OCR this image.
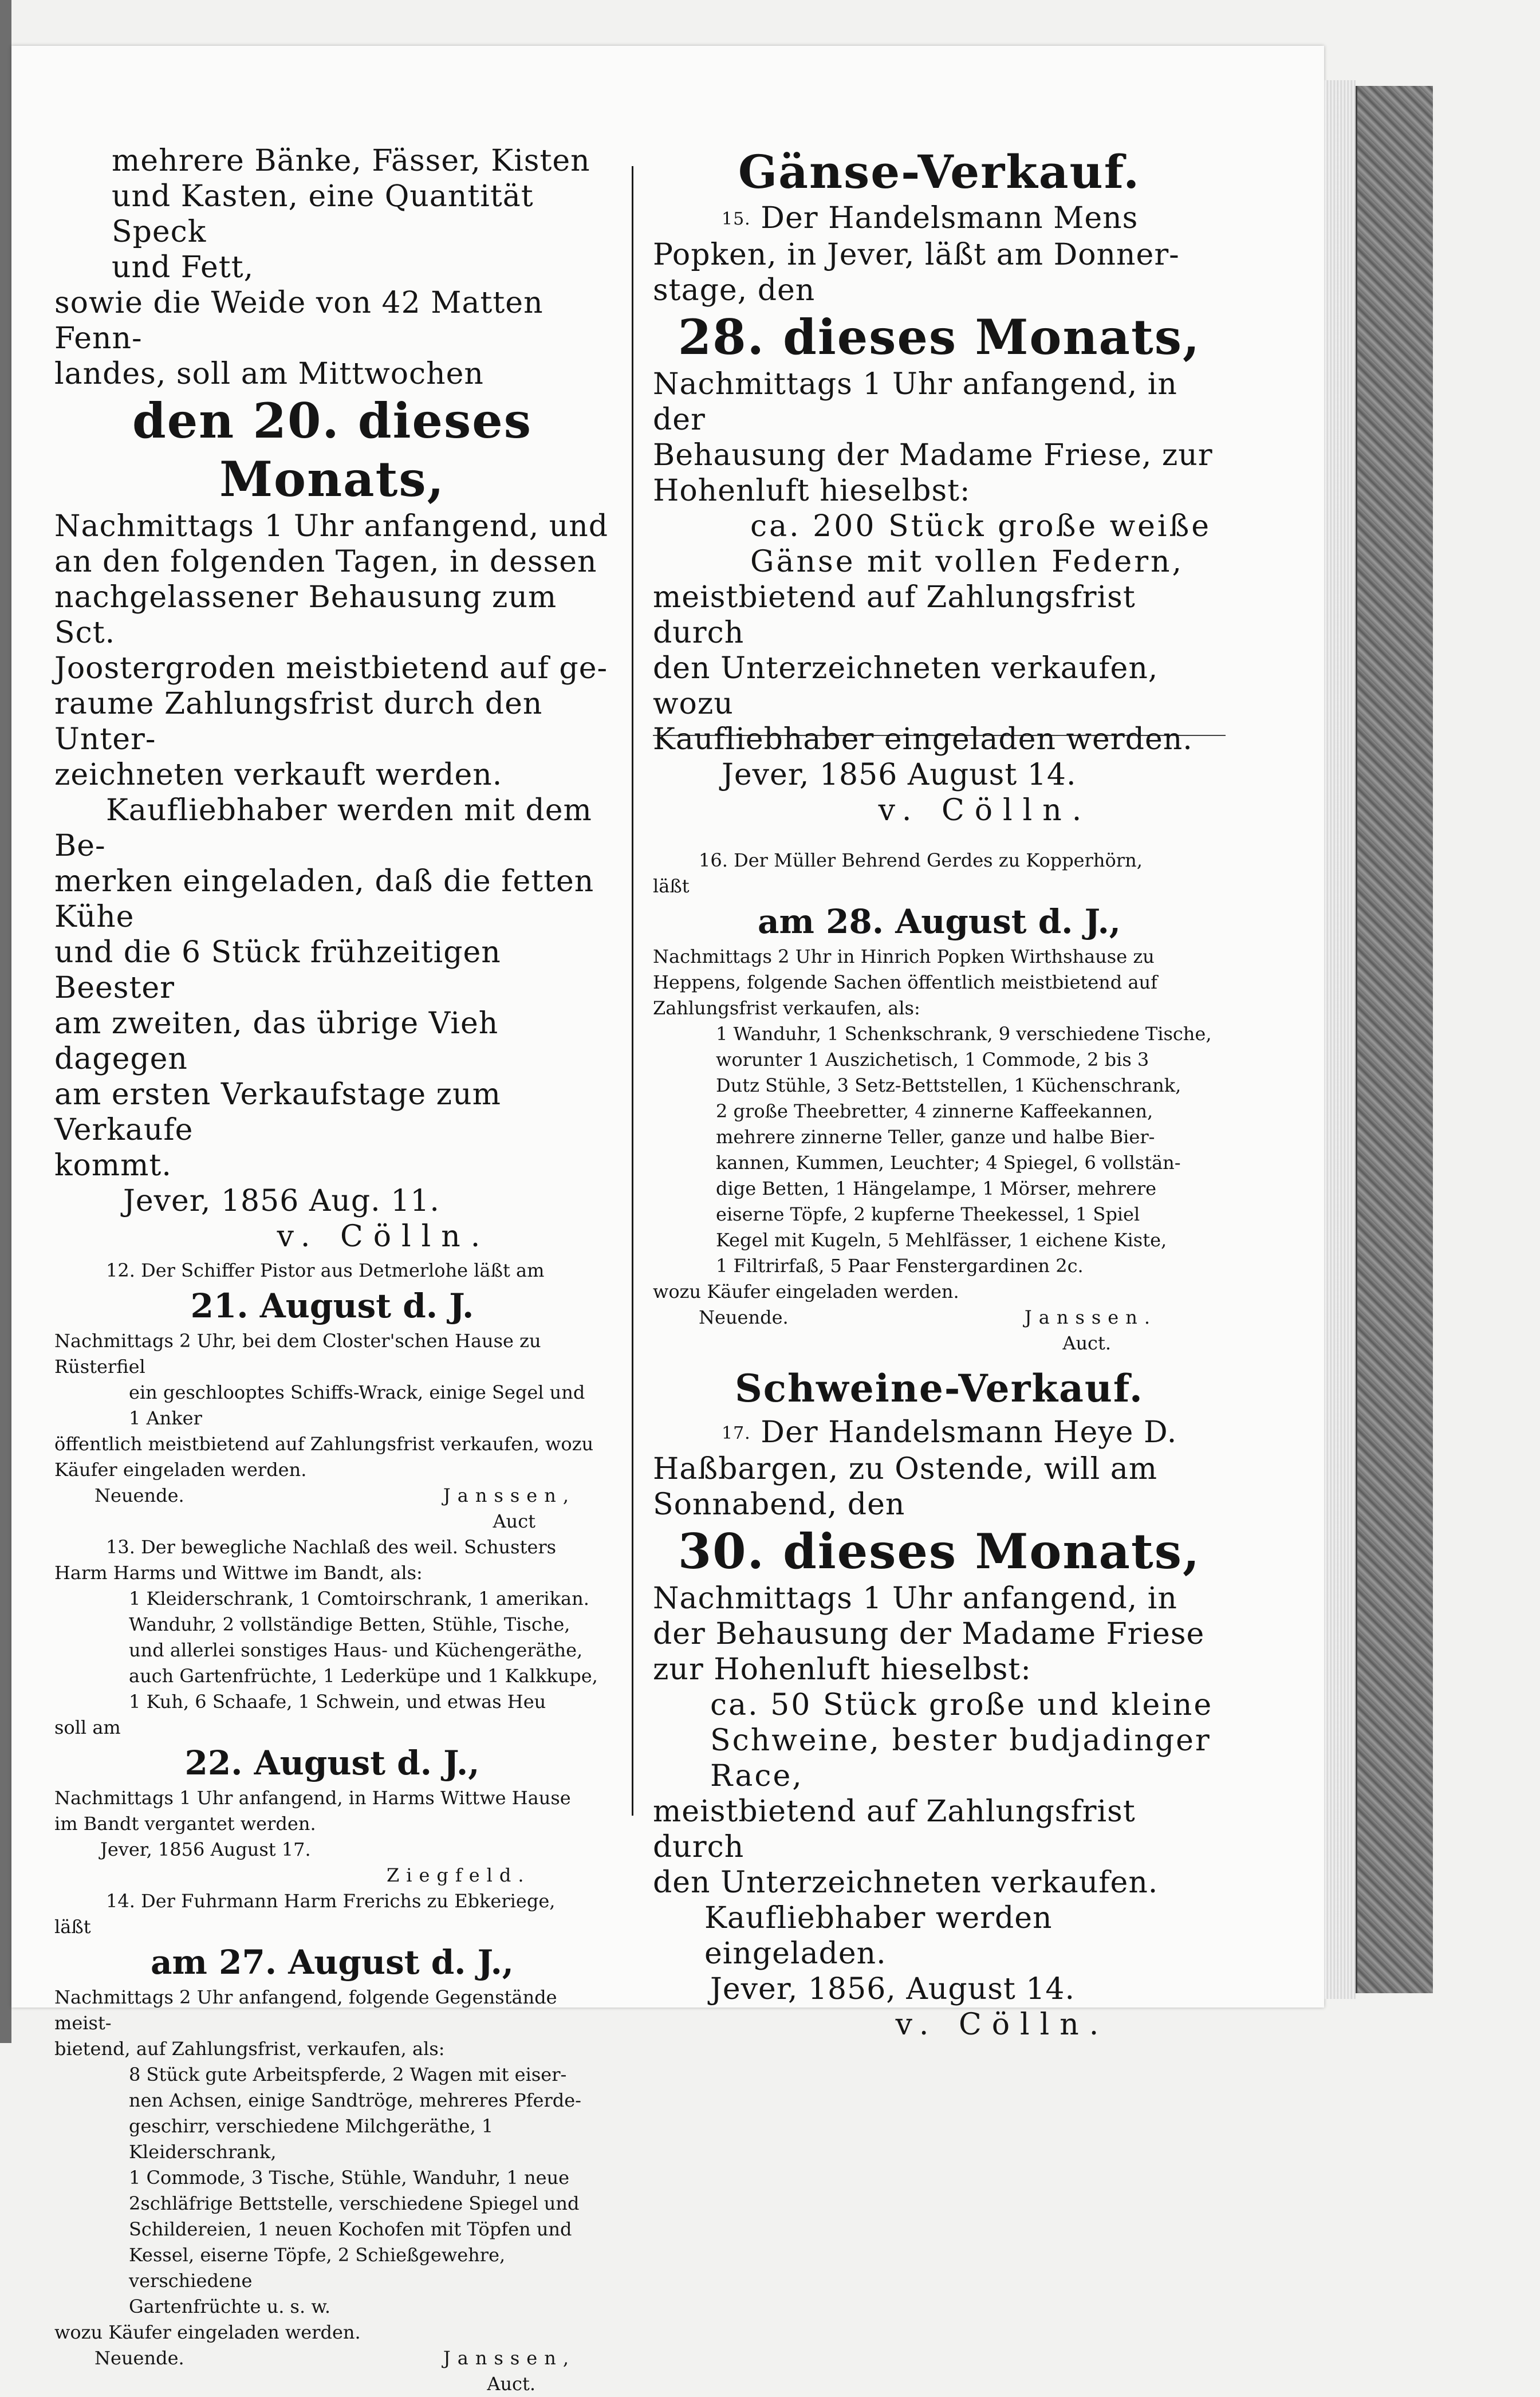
mehrere Bänke, Fässer, Kisten
und Kasten, eine Quantität Speck
und Fett,

sowie die Weide von 42 Matten Fenn-
landes, soll am Mittwochen

den 20. dieses Monats,

Nachmittags 1 Uhr anfangend, und
an den folgenden Tagen, in dessen
nachgelassener Behausung zum Sct.
Joostergroden meistbietend auf ge-
raume Zahlungsfrist durch den Unter-
zeichneten verkauft werden.

Kaufliebhaber werden mit dem Be-
merken eingeladen, daß die fetten Kühe
und die 6 Stück frühzeitigen Beester
am zweiten, das übrige Vieh dagegen
am ersten Verkaufstage zum Verkaufe
kommt.

Jever, 1856 Aug. 11.

v. Cölln.

12. Der Schiffer Pistor aus Detmerlohe läßt am

21. August d. J.

Nachmittags 2 Uhr, bei dem Closter'schen Hause zu
Rüsterfiel

ein geschlooptes Schiffs-Wrack, einige Segel und
1 Anker

öffentlich meistbietend auf Zahlungsfrist verkaufen, wozu
Käufer eingeladen werden.

Neuende.	Janssen,

Auct

13. Der bewegliche Nachlaß des weil. Schusters
Harm Harms und Wittwe im Bandt, als:

1 Kleiderschrank, 1 Comtoirschrank, 1 amerikan.
Wanduhr, 2 vollständige Betten, Stühle, Tische,
und allerlei sonstiges Haus- und Küchengeräthe,
auch Gartenfrüchte, 1 Lederküpe und 1 Kalkkupe,
1 Kuh, 6 Schaafe, 1 Schwein, und etwas Heu

soll am

22. August d. J.,

Nachmittags 1 Uhr anfangend, in Harms Wittwe Hause
im Bandt vergantet werden.

Jever, 1856 August 17.

Ziegfeld.

14. Der Fuhrmann Harm Frerichs zu Ebkeriege,
läßt

am 27. August d. J.,

Nachmittags 2 Uhr anfangend, folgende Gegenstände meist-
bietend, auf Zahlungsfrist, verkaufen, als:

8 Stück gute Arbeitspferde, 2 Wagen mit eiser-
nen Achsen, einige Sandtröge, mehreres Pferde-
geschirr, verschiedene Milchgeräthe, 1 Kleiderschrank,
1 Commode, 3 Tische, Stühle, Wanduhr, 1 neue
2schläfrige Bettstelle, verschiedene Spiegel und
Schildereien, 1 neuen Kochofen mit Töpfen und
Kessel, eiserne Töpfe, 2 Schießgewehre, verschiedene
Gartenfrüchte u. s. w.

wozu Käufer eingeladen werden.

Neuende.	Janssen,

Auct.

Gänse-Verkauf.

15. Der Handelsmann Mens

Popken, in Jever, läßt am Donner-
stage, den

28. dieses Monats,

Nachmittags 1 Uhr anfangend, in der
Behausung der Madame Friese, zur
Hohenluft hieselbst:

ca. 200 Stück große weiße
Gänse mit vollen Federn,

meistbietend auf Zahlungsfrist durch
den Unterzeichneten verkaufen, wozu
Kaufliebhaber eingeladen werden.

Jever, 1856 August 14.

v. Cölln.

16. Der Müller Behrend Gerdes zu Kopperhörn,
läßt

am 28. August d. J.,

Nachmittags 2 Uhr in Hinrich Popken Wirthshause zu
Heppens, folgende Sachen öffentlich meistbietend auf
Zahlungsfrist verkaufen, als:

1 Wanduhr, 1 Schenkschrank, 9 verschiedene Tische,
worunter 1 Auszichetisch, 1 Commode, 2 bis 3
Dutz Stühle, 3 Setz-Bettstellen, 1 Küchenschrank,
2 große Theebretter, 4 zinnerne Kaffeekannen,
mehrere zinnerne Teller, ganze und halbe Bier-
kannen, Kummen, Leuchter; 4 Spiegel, 6 vollstän-
dige Betten, 1 Hängelampe, 1 Mörser, mehrere
eiserne Töpfe, 2 kupferne Theekessel, 1 Spiel
Kegel mit Kugeln, 5 Mehlfässer, 1 eichene Kiste,
1 Filtrirfaß, 5 Paar Fenstergardinen 2c.

wozu Käufer eingeladen werden.

Neuende.	Janssen.

Auct.

Schweine-Verkauf.

17. Der Handelsmann Heye D.

Haßbargen, zu Ostende, will am
Sonnabend, den

30. dieses Monats,

Nachmittags 1 Uhr anfangend, in
der Behausung der Madame Friese
zur Hohenluft hieselbst:

ca. 50 Stück große und kleine
Schweine, bester budjadinger
Race,

meistbietend auf Zahlungsfrist durch
den Unterzeichneten verkaufen.

Kaufliebhaber werden eingeladen.

Jever, 1856, August 14.

v. Cölln.
